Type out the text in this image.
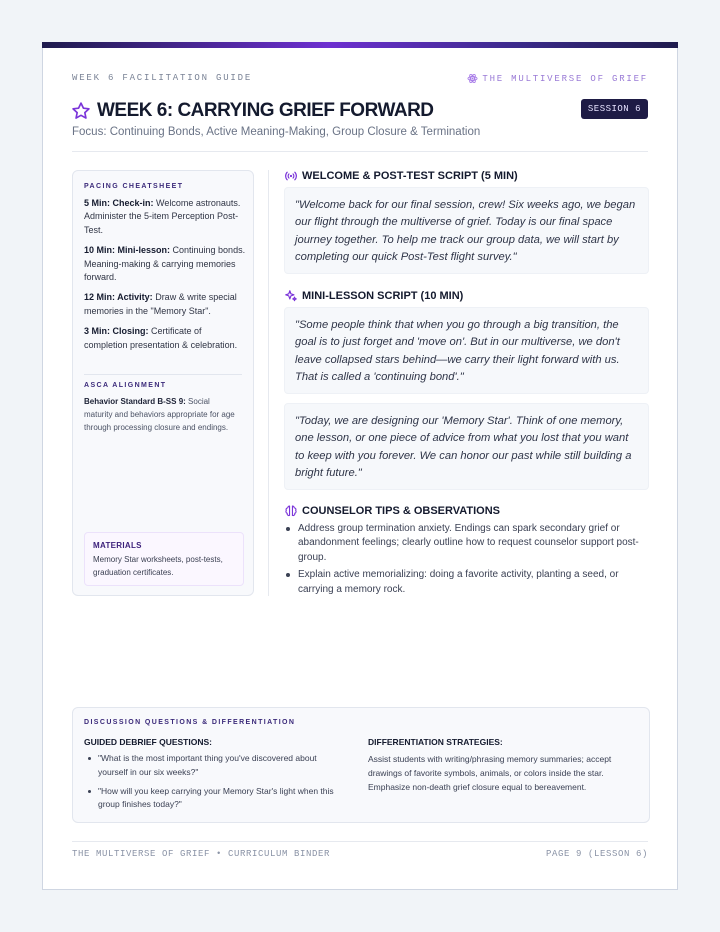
WEEK 6 FACILITATION GUIDE	THE MULTIVERSE OF GRIEF
WEEK 6: CARRYING GRIEF FORWARD	SESSION 6
Focus: Continuing Bonds, Active Meaning-Making, Group Closure & Termination
PACING CHEATSHEET
5 Min: Check-in: Welcome astronauts. Administer the 5-item Perception Post-Test.
10 Min: Mini-lesson: Continuing bonds. Meaning-making & carrying memories forward.
12 Min: Activity: Draw & write special memories in the "Memory Star".
3 Min: Closing: Certificate of completion presentation & celebration.
ASCA ALIGNMENT
Behavior Standard B-SS 9: Social maturity and behaviors appropriate for age through processing closure and endings.
MATERIALS
Memory Star worksheets, post-tests, graduation certificates.
WELCOME & POST-TEST SCRIPT (5 MIN)
"Welcome back for our final session, crew! Six weeks ago, we began our flight through the multiverse of grief. Today is our final space journey together. To help me track our group data, we will start by completing our quick Post-Test flight survey."
MINI-LESSON SCRIPT (10 MIN)
"Some people think that when you go through a big transition, the goal is to just forget and 'move on'. But in our multiverse, we don't leave collapsed stars behind—we carry their light forward with us. That is called a 'continuing bond'."
"Today, we are designing our 'Memory Star'. Think of one memory, one lesson, or one piece of advice from what you lost that you want to keep with you forever. We can honor our past while still building a bright future."
COUNSELOR TIPS & OBSERVATIONS
Address group termination anxiety. Endings can spark secondary grief or abandonment feelings; clearly outline how to request counselor support post-group.
Explain active memorializing: doing a favorite activity, planting a seed, or carrying a memory rock.
DISCUSSION QUESTIONS & DIFFERENTIATION
GUIDED DEBRIEF QUESTIONS:
"What is the most important thing you've discovered about yourself in our six weeks?"
"How will you keep carrying your Memory Star's light when this group finishes today?"
DIFFERENTIATION STRATEGIES:
Assist students with writing/phrasing memory summaries; accept drawings of favorite symbols, animals, or colors inside the star. Emphasize non-death grief closure equal to bereavement.
THE MULTIVERSE OF GRIEF • CURRICULUM BINDER	PAGE 9 (LESSON 6)
